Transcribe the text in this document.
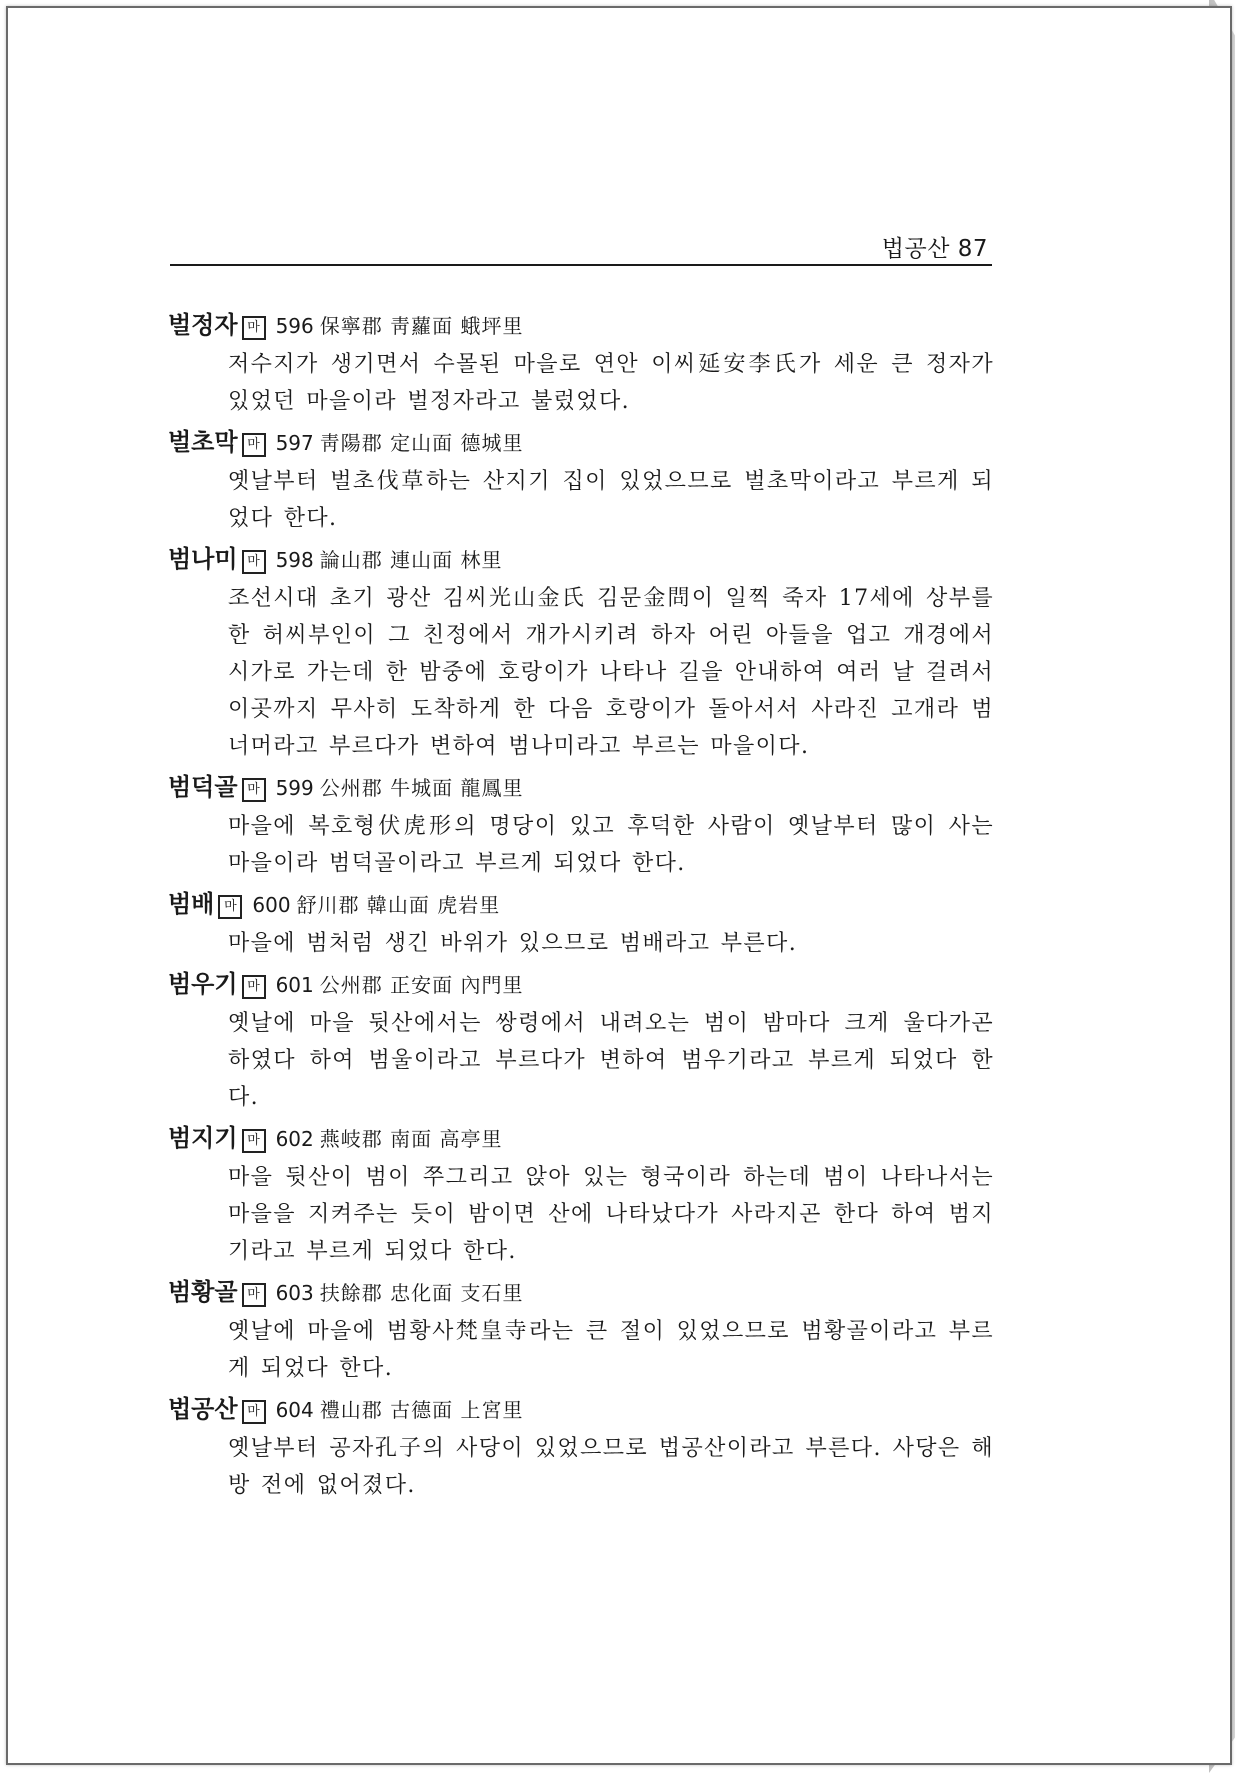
법공산 87
벌정자 마 596 保寧郡 靑蘿面 蛾坪里
저수지가 생기면서 수몰된 마을로 연안 이씨延安李氏가 세운 큰 정자가 있었던 마을이라 벌정자라고 불렀었다.
벌초막 마 597 靑陽郡 定山面 德城里
옛날부터 벌초伐草하는 산지기 집이 있었으므로 벌초막이라고 부르게 되었다 한다.
범나미 마 598 論山郡 連山面 林里
조선시대 초기 광산 김씨光山金氏 김문金問이 일찍 죽자 17세에 상부를 한 허씨부인이 그 친정에서 개가시키려 하자 어린 아들을 업고 개경에서 시가로 가는데 한 밤중에 호랑이가 나타나 길을 안내하여 여러 날 걸려서 이곳까지 무사히 도착하게 한 다음 호랑이가 돌아서서 사라진 고개라 범너머라고 부르다가 변하여 범나미라고 부르는 마을이다.
범덕골 마 599 公州郡 牛城面 龍鳳里
마을에 복호형伏虎形의 명당이 있고 후덕한 사람이 옛날부터 많이 사는 마을이라 범덕골이라고 부르게 되었다 한다.
범배 마 600 舒川郡 韓山面 虎岩里
마을에 범처럼 생긴 바위가 있으므로 범배라고 부른다.
범우기 마 601 公州郡 正安面 內門里
옛날에 마을 뒷산에서는 쌍령에서 내려오는 범이 밤마다 크게 울다가곤 하였다 하여 범울이라고 부르다가 변하여 범우기라고 부르게 되었다 한다.
범지기 마 602 燕岐郡 南面 高亭里
마을 뒷산이 범이 쭈그리고 앉아 있는 형국이라 하는데 범이 나타나서는 마을을 지켜주는 듯이 밤이면 산에 나타났다가 사라지곤 한다 하여 범지기라고 부르게 되었다 한다.
범황골 마 603 扶餘郡 忠化面 支石里
옛날에 마을에 범황사梵皇寺라는 큰 절이 있었으므로 범황골이라고 부르게 되었다 한다.
법공산 마 604 禮山郡 古德面 上宮里
옛날부터 공자孔子의 사당이 있었으므로 법공산이라고 부른다. 사당은 해방 전에 없어졌다.
